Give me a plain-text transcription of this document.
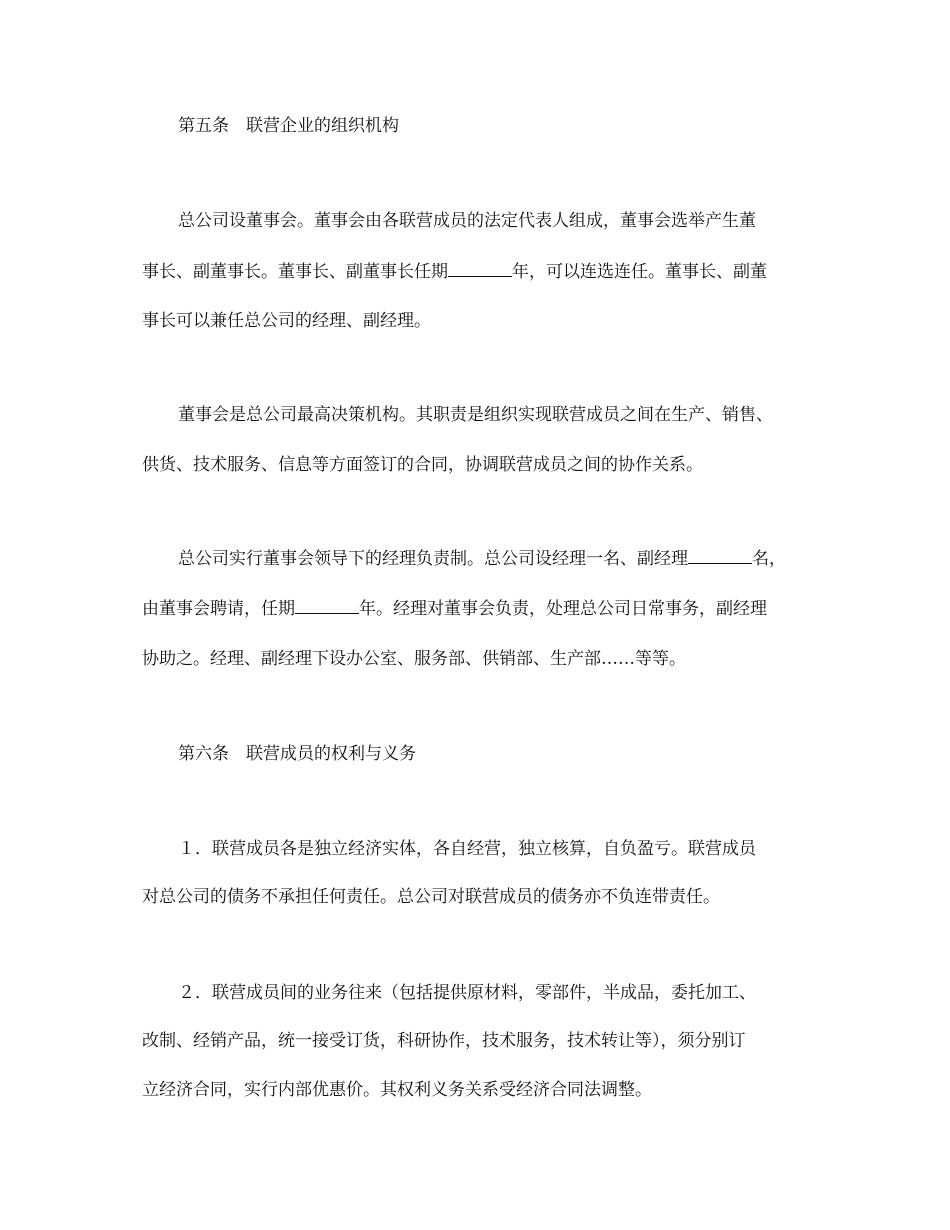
第五条　联营企业的组织机构
总公司设董事会。董事会由各联营成员的法定代表人组成，董事会选举产生董
事长、副董事长。董事长、副董事长任期	年，可以连选连任。董事长、副董
事长可以兼任总公司的经理、副经理。
董事会是总公司最高决策机构。其职责是组织实现联营成员之间在生产、销售、
供货、技术服务、信息等方面签订的合同，协调联营成员之间的协作关系。
总公司实行董事会领导下的经理负责制。总公司设经理一名、副经理	名，
由董事会聘请，任期	年。经理对董事会负责，处理总公司日常事务，副经理
协助之。经理、副经理下设办公室、服务部、供销部、生产部……等等。
第六条　联营成员的权利与义务
１．联营成员各是独立经济实体，各自经营，独立核算，自负盈亏。联营成员
对总公司的债务不承担任何责任。总公司对联营成员的债务亦不负连带责任。
２．联营成员间的业务往来（包括提供原材料，零部件，半成品，委托加工、
改制、经销产品，统一接受订货，科研协作，技术服务，技术转让等），须分别订
立经济合同，实行内部优惠价。其权利义务关系受经济合同法调整。
